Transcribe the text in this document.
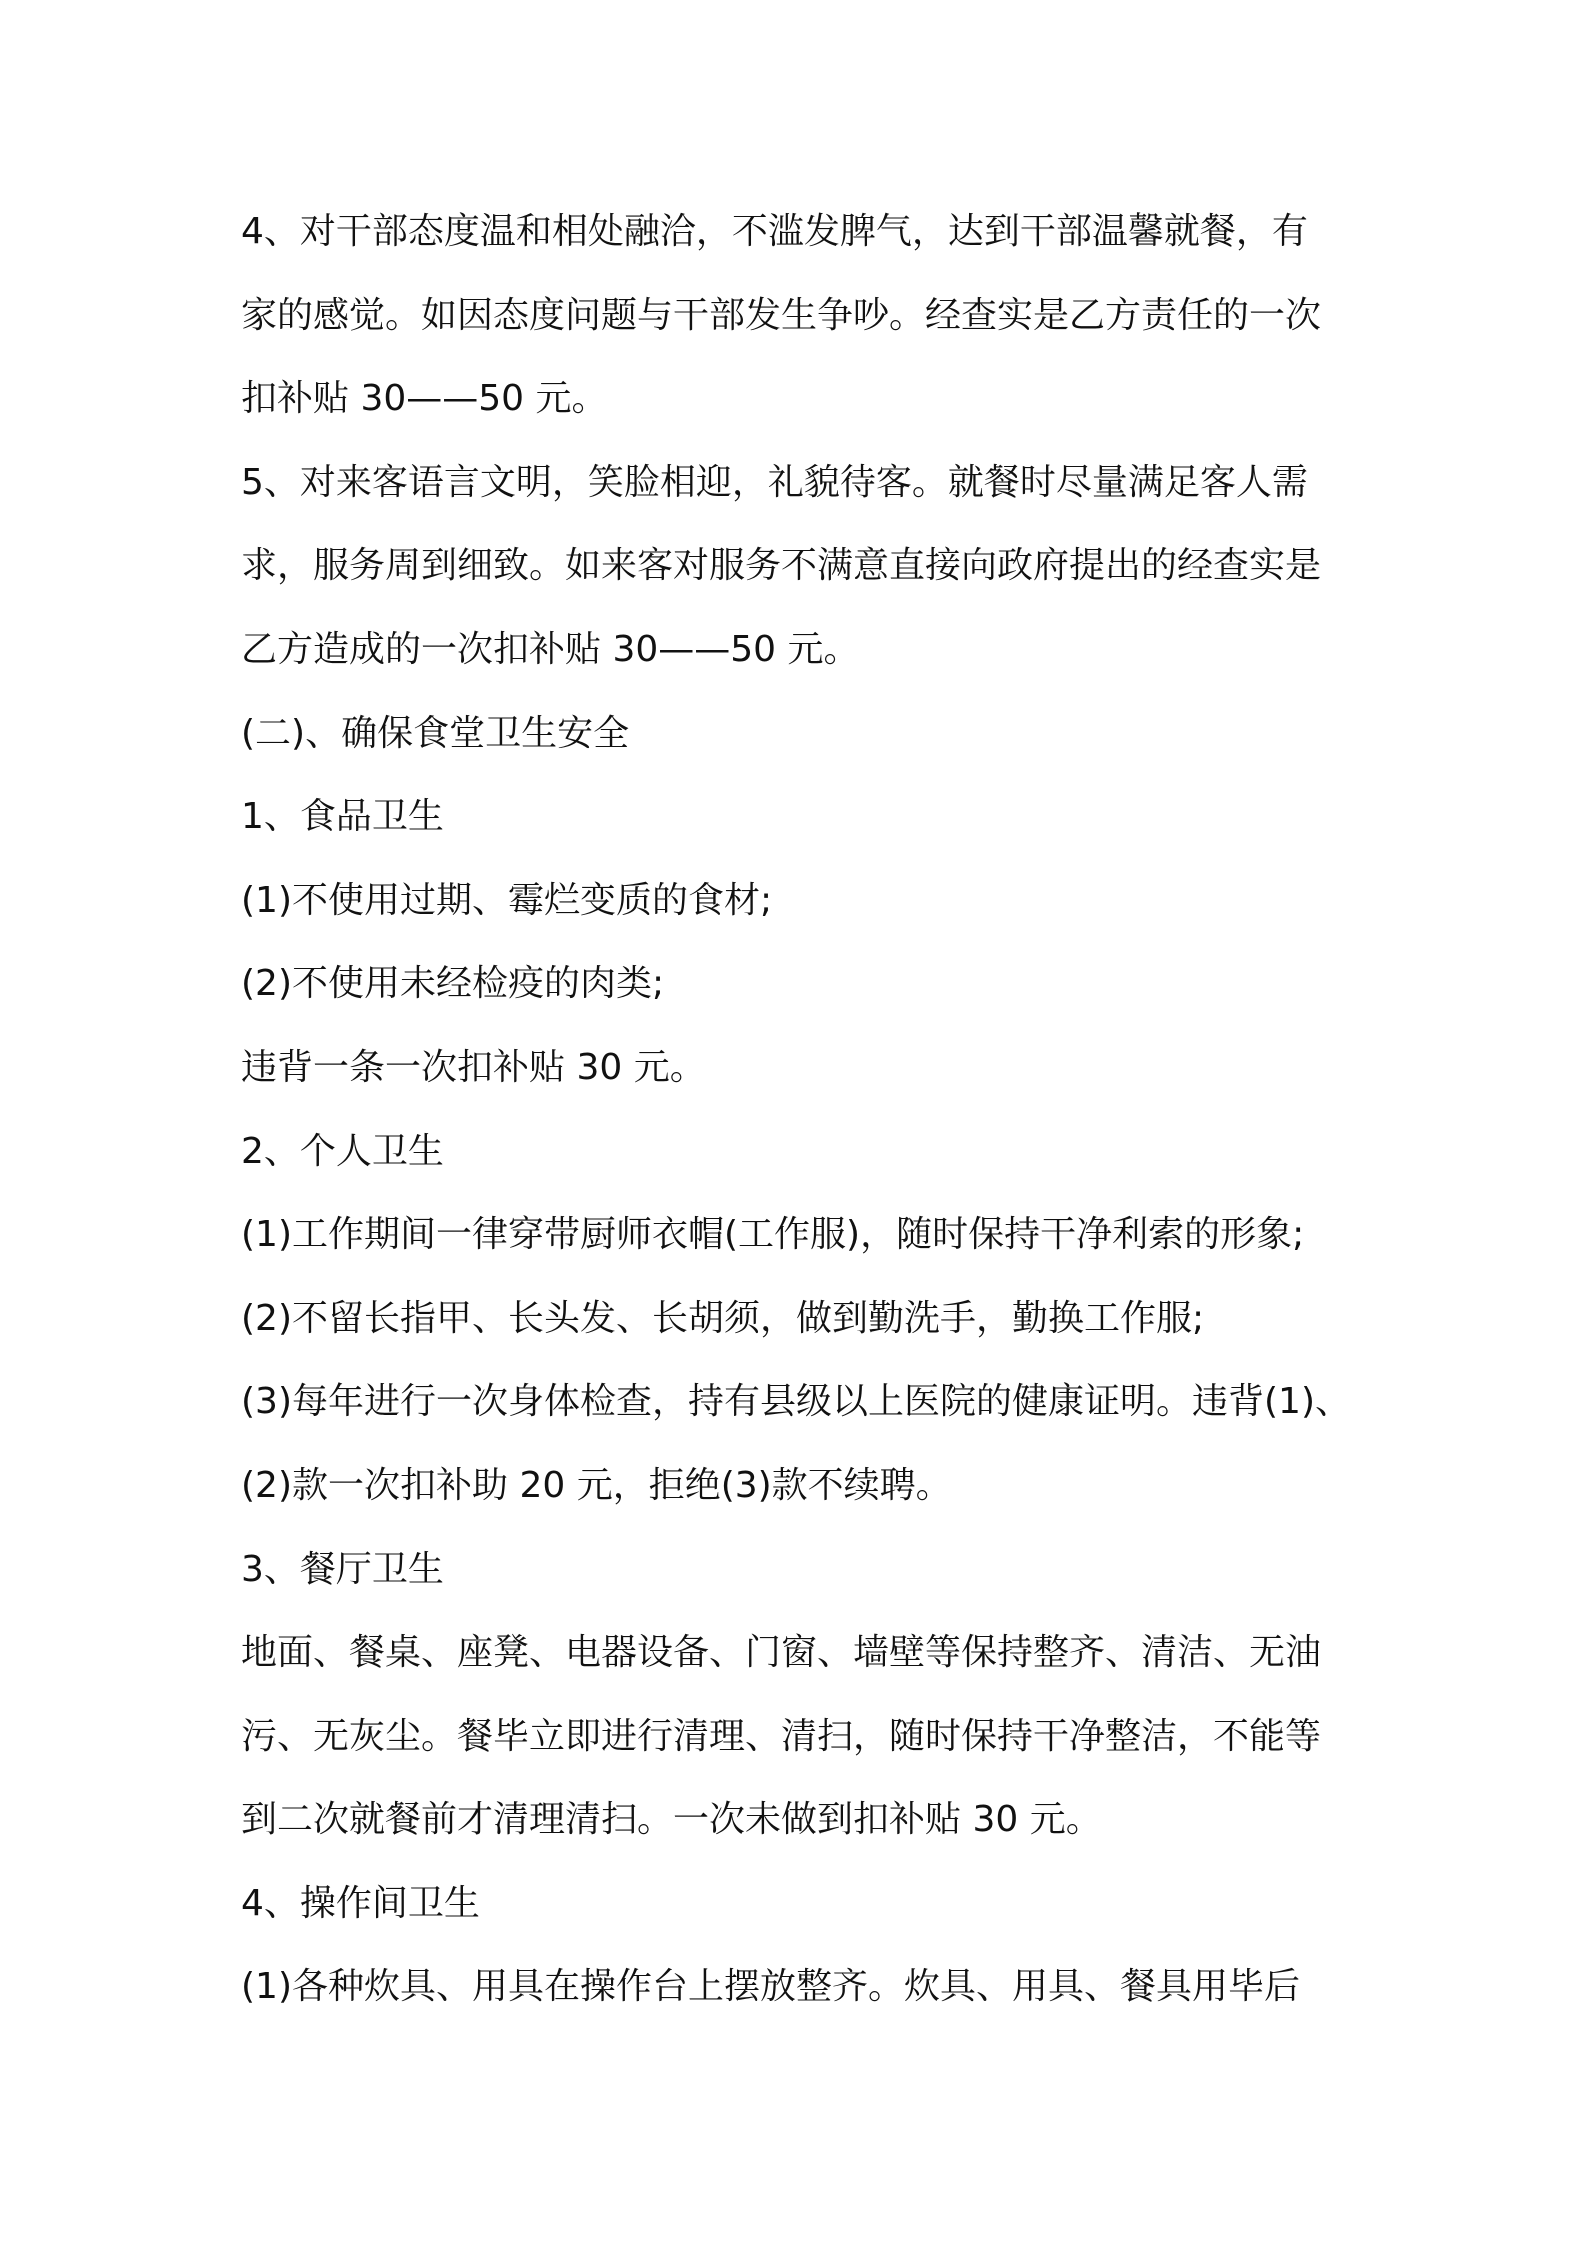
4、对干部态度温和相处融洽，不滥发脾气，达到干部温馨就餐，有

家的感觉。如因态度问题与干部发生争吵。经查实是乙方责任的一次

扣补贴 30——50 元。

5、对来客语言文明，笑脸相迎，礼貌待客。就餐时尽量满足客人需

求，服务周到细致。如来客对服务不满意直接向政府提出的经查实是

乙方造成的一次扣补贴 30——50 元。

(二)、确保食堂卫生安全

1、食品卫生

(1)不使用过期、霉烂变质的食材;

(2)不使用未经检疫的肉类;

违背一条一次扣补贴 30 元。

2、个人卫生

(1)工作期间一律穿带厨师衣帽(工作服)，随时保持干净利索的形象;

(2)不留长指甲、长头发、长胡须，做到勤洗手，勤换工作服;

(3)每年进行一次身体检查，持有县级以上医院的健康证明。违背(1)、

(2)款一次扣补助 20 元，拒绝(3)款不续聘。

3、餐厅卫生

地面、餐桌、座凳、电器设备、门窗、墙壁等保持整齐、清洁、无油

污、无灰尘。餐毕立即进行清理、清扫，随时保持干净整洁，不能等

到二次就餐前才清理清扫。一次未做到扣补贴 30 元。

4、操作间卫生

(1)各种炊具、用具在操作台上摆放整齐。炊具、用具、餐具用毕后
